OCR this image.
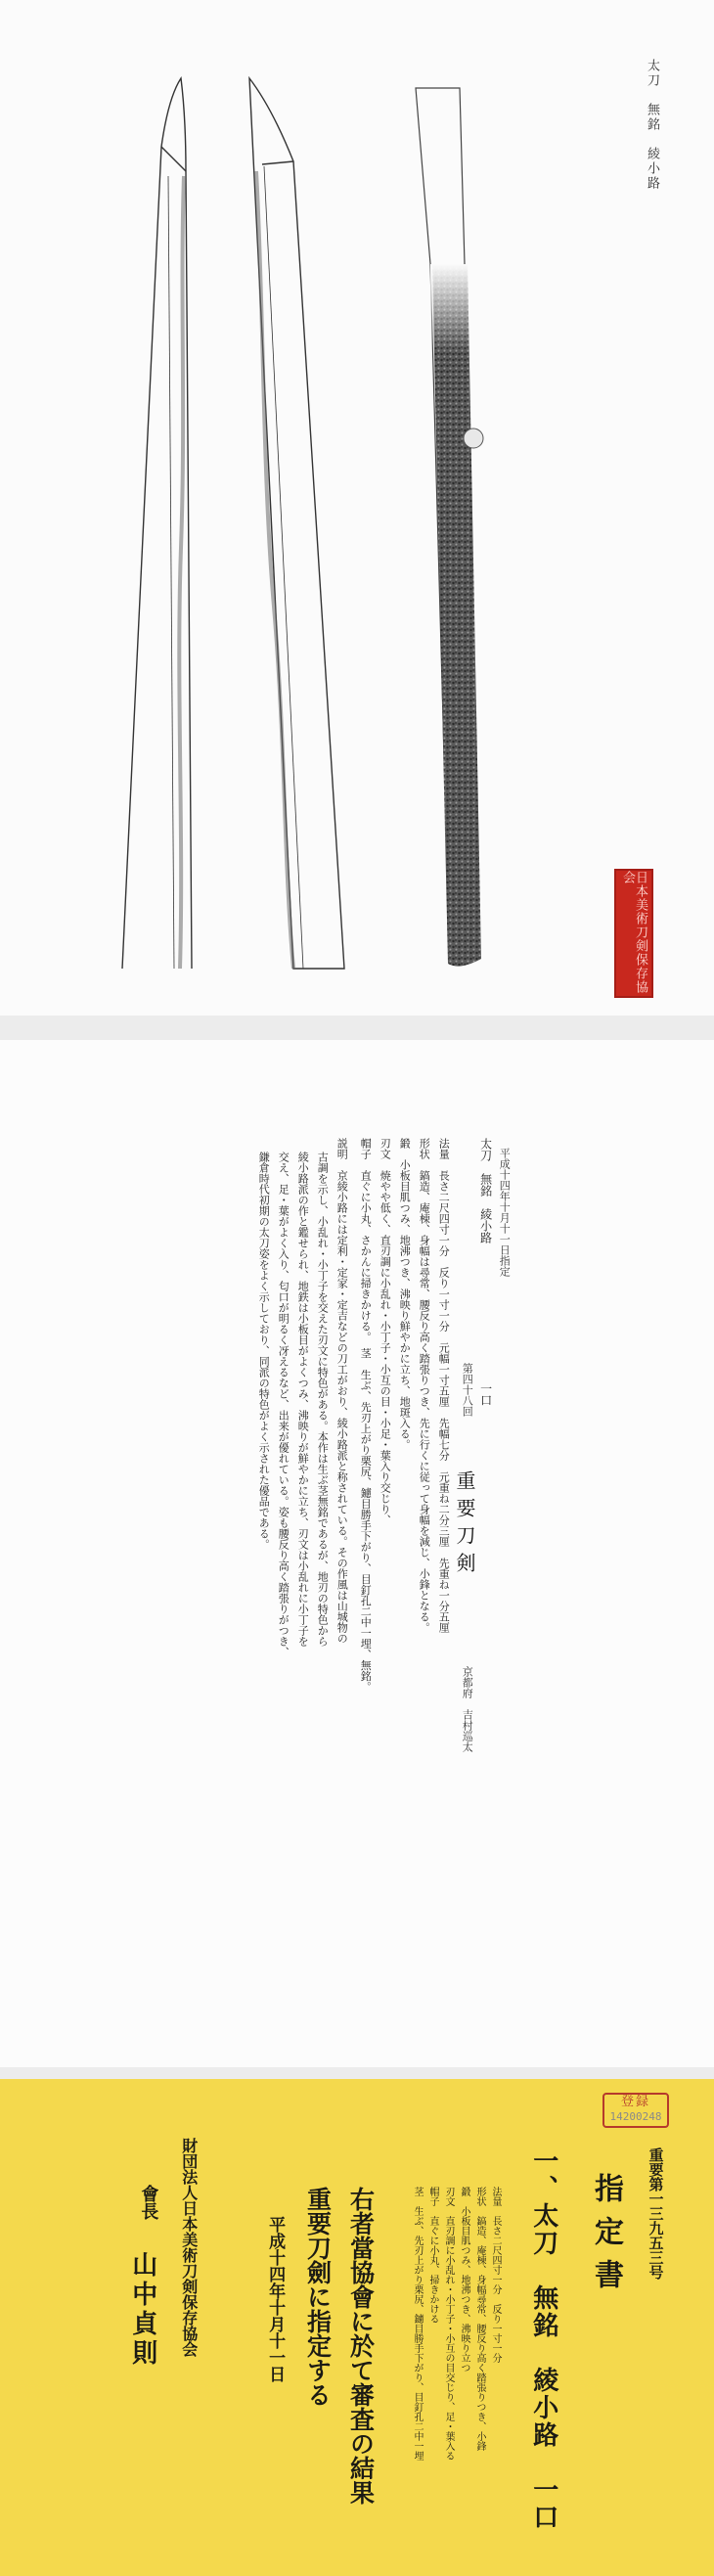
太刀　無銘　綾小路
日本美術刀剣保存協会
平成十四年十月十一日指定
第四十八回
重要刀剣
京都府　吉村巡太
太刀　無銘　綾小路
一口
法量　長さ二尺四寸一分　反り一寸一分　元幅一寸五厘　先幅七分　元重ね二分三厘　先重ね一分五厘
形状　鎬造、庵棟、身幅は尋常、腰反り高く踏張りつき、先に行くに従って身幅を減じ、小鋒となる。
鍛　小板目肌つみ、地沸つき、沸映り鮮やかに立ち、地斑入る。
刃文　焼やや低く、直刃調に小乱れ・小丁子・小互の目・小足・葉入り交じり、
帽子　直ぐに小丸、さかんに掃きかける。　茎　生ぶ、先刃上がり栗尻、鑢目勝手下がり、目釘孔二中一埋、無銘。
説明　京綾小路には定利・定家・定吉などの刀工がおり、綾小路派と称されている。その作風は山城物の
古調を示し、小乱れ・小丁子を交えた刃文に特色がある。本作は生ぶ茎無銘であるが、地刃の特色から
綾小路派の作と鑑せられ、地鉄は小板目がよくつみ、沸映りが鮮やかに立ち、刃文は小乱れに小丁子を
交え、足・葉がよく入り、匂口が明るく冴えるなど、出来が優れている。姿も腰反り高く踏張りがつき、
鎌倉時代初期の太刀姿をよく示しており、同派の特色がよく示された優品である。
登録
14200248
重要第一三九五三号
指定書
一、太刀　無銘　綾小路　一口
法量　長さ二尺四寸一分　反り一寸一分
形状　鎬造、庵棟、身幅尋常、腰反り高く踏張りつき、小鋒
鍛　小板目肌つみ、地沸つき、沸映り立つ
刃文　直刃調に小乱れ・小丁子・小互の目交じり、足・葉入る
帽子　直ぐに小丸、掃きかける
茎　生ぶ、先刃上がり栗尻、鑢目勝手下がり、目釘孔二中一埋
右者當協會に於て審査の結果
重要刀劍に指定する
平成十四年十月十一日
財団法人日本美術刀剣保存協会
會長
山中貞則
